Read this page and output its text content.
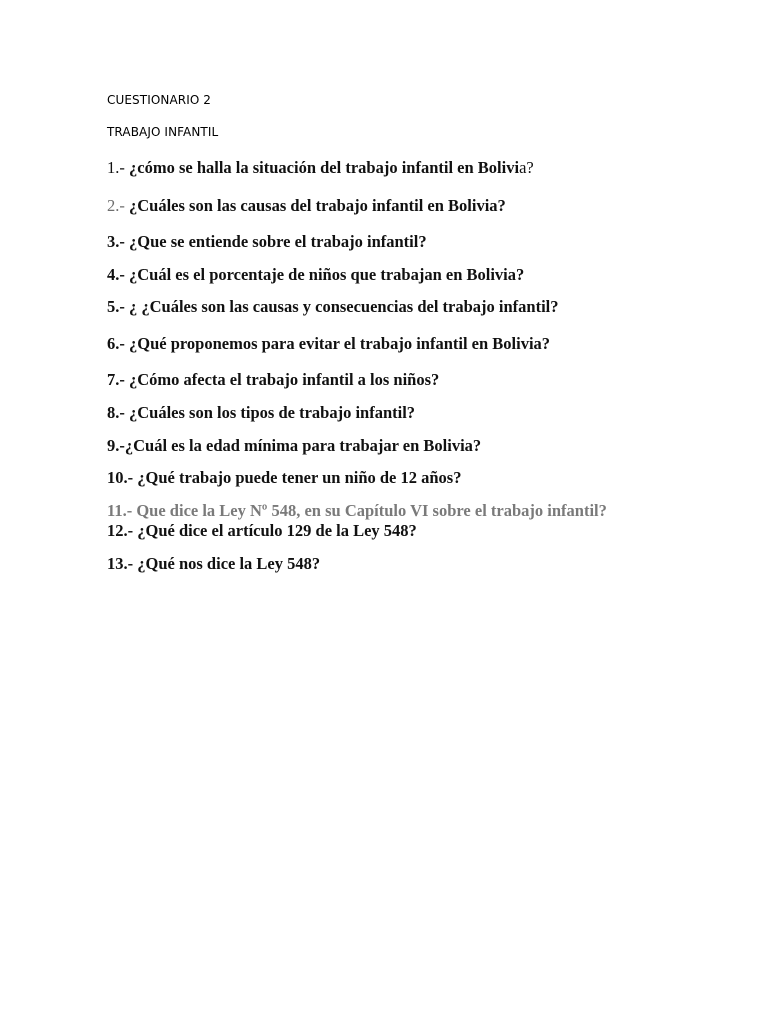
CUESTIONARIO 2
TRABAJO INFANTIL
1.- ¿cómo se halla la situación del trabajo infantil en Bolivia?
2.- ¿Cuáles son las causas del trabajo infantil en Bolivia?
3.- ¿Que se entiende sobre el trabajo infantil?
4.- ¿Cuál es el porcentaje de niños que trabajan en Bolivia?
5.- ¿ ¿Cuáles son las causas y consecuencias del trabajo infantil?
6.- ¿Qué proponemos para evitar el trabajo infantil en Bolivia?
7.- ¿Cómo afecta el trabajo infantil a los niños?
8.- ¿Cuáles son los tipos de trabajo infantil?
9.-¿Cuál es la edad mínima para trabajar en Bolivia?
10.- ¿Qué trabajo puede tener un niño de 12 años?
11.- Que dice la Ley Nº 548, en su Capítulo VI sobre el trabajo infantil?
12.- ¿Qué dice el artículo 129 de la Ley 548?
13.- ¿Qué nos dice la Ley 548?
